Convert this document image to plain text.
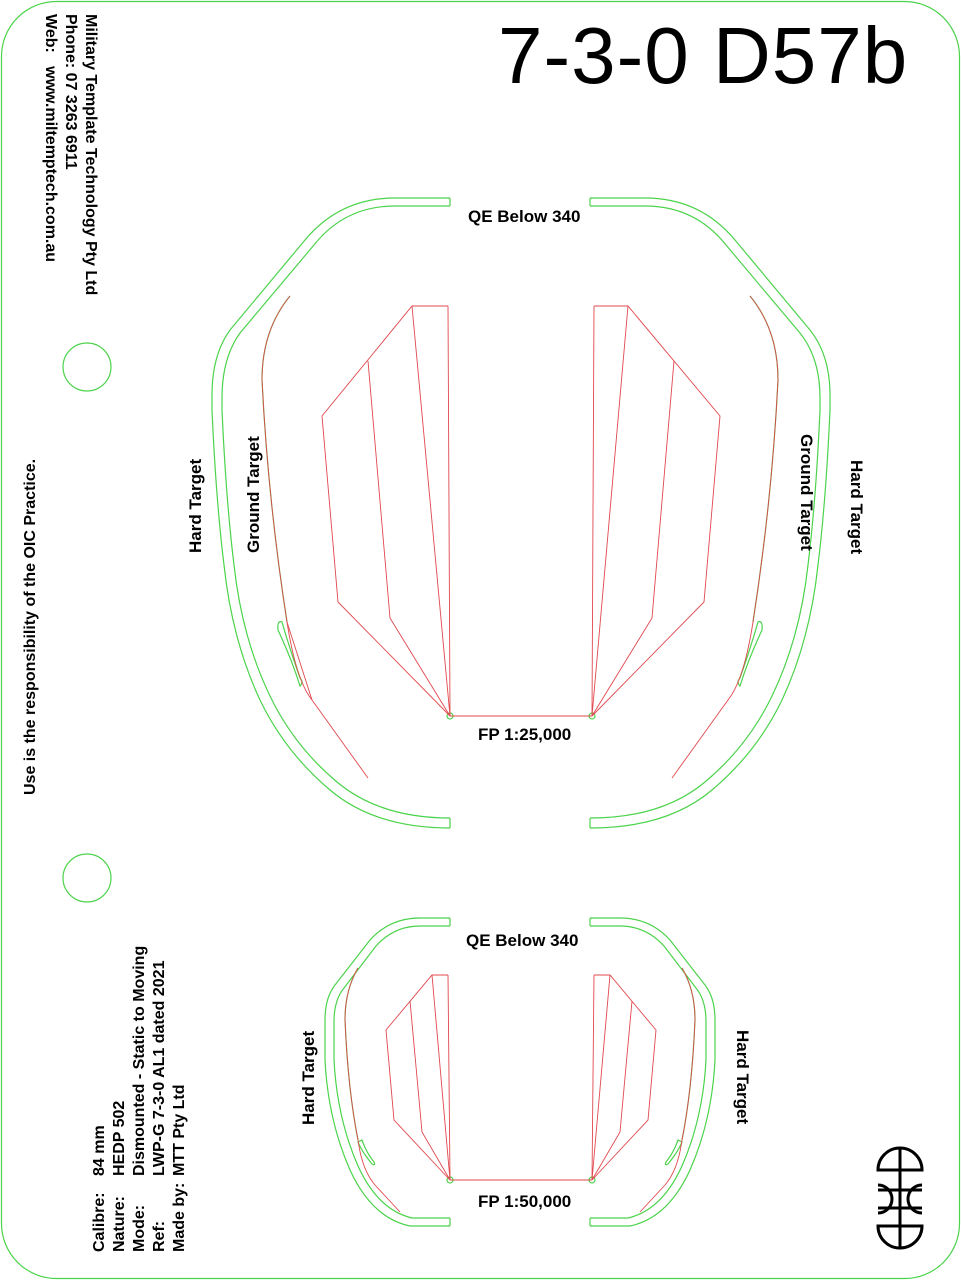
7-3-0 D57b
Military Template Technology Pty Ltd
Phone: 07 3263 6911
Web:   www.miltemptech.com.au
Use is the responsibility of the OIC Practice.
QE Below 340
FP 1:25,000
Hard Target Ground Target	Hard Target
Ground Target
QE Below 340
FP 1:50,000
Hard Target	Hard Target
Calibre:84 mm
Nature:HEDP 502
Mode:Dismounted - Static to Moving
Ref:LWP-G 7-3-0 AL1 dated 2021
Made by:MTT Pty Ltd
